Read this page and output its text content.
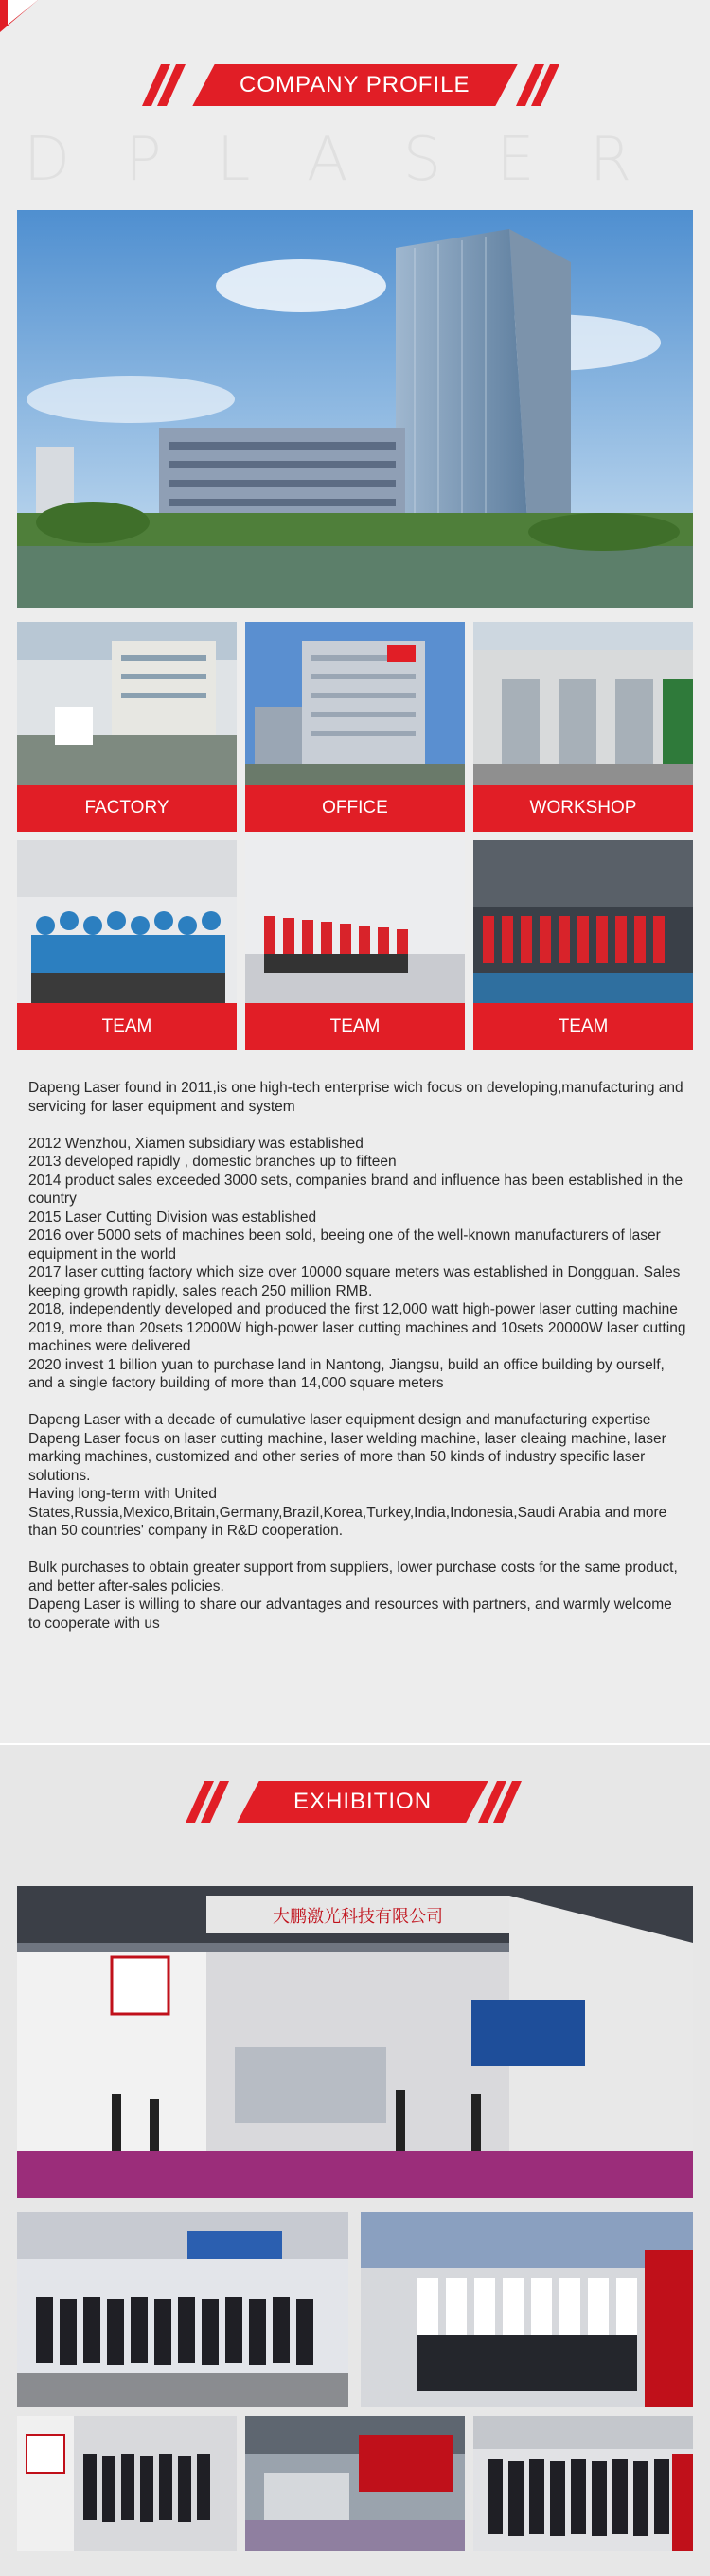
COMPANY PROFILE
DPLASER
FACTORY	OFFICE	WORKSHOP
TEAM	TEAM	TEAM

Dapeng Laser found in 2011,is one high-tech enterprise wich focus on developing,manufacturing and servicing for laser equipment and system

2012 Wenzhou, Xiamen subsidiary was established

2013 developed rapidly , domestic branches up to fifteen

2014 product sales exceeded 3000 sets, companies brand and influence has been established in the country

2015 Laser Cutting Division was established

2016 over 5000 sets of machines been sold, beeing one of the well-known manufacturers of laser equipment in the world

2017 laser cutting factory which size over 10000 square meters was established in Dongguan. Sales keeping growth rapidly, sales reach 250 million RMB.

2018, independently developed and produced the first 12,000 watt high-power laser cutting machine

2019, more than 20sets 12000W high-power laser cutting machines and 10sets 20000W laser cutting machines were delivered

2020 invest 1 billion yuan to purchase land in Nantong, Jiangsu, build an office building by ourself, and a single factory building of more than 14,000 square meters

Dapeng Laser with a decade of cumulative laser equipment design and manufacturing expertise

Dapeng Laser focus on laser cutting machine, laser welding machine, laser cleaing machine, laser marking machines, customized and other series of more than 50 kinds of industry specific laser solutions.

Having long-term with United States,Russia,Mexico,Britain,Germany,Brazil,Korea,Turkey,India,Indonesia,Saudi Arabia and more than 50 countries' company in R&D cooperation.

Bulk purchases to obtain greater support from suppliers, lower purchase costs for the same product, and better after-sales policies.

Dapeng Laser is willing to share our advantages and resources with partners, and warmly welcome to cooperate with us

EXHIBITION
大鹏激光科技有限公司
